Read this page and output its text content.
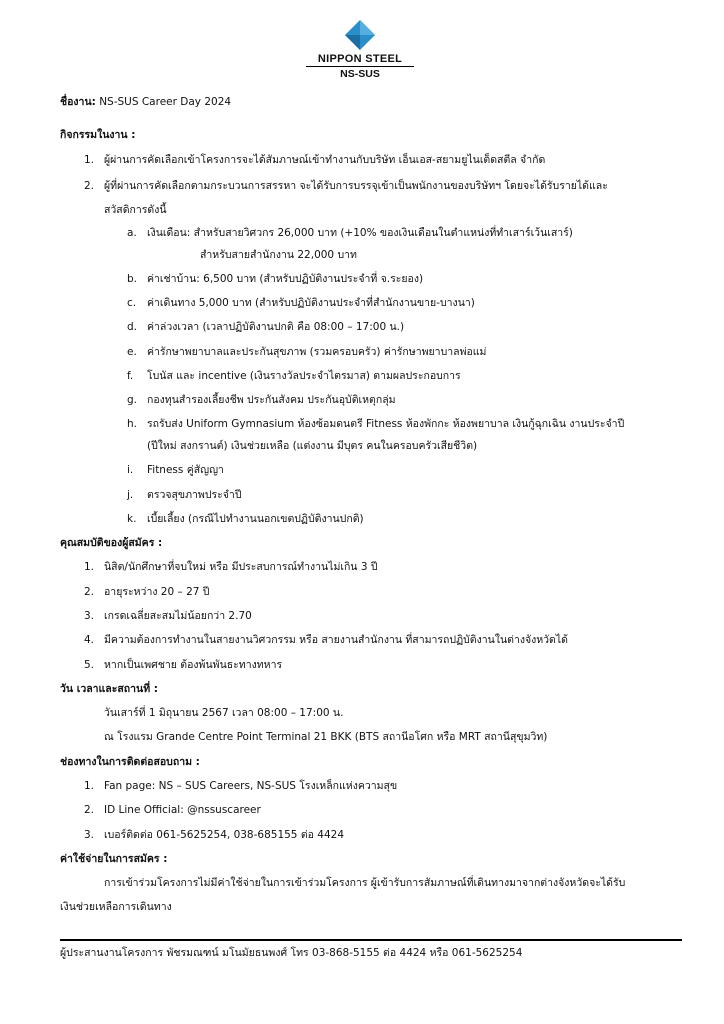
NIPPON STEEL
NS-SUS
ชื่องาน: NS-SUS Career Day 2024
กิจกรรมในงาน :
1. ผู้ผ่านการคัดเลือกเข้าโครงการจะได้สัมภาษณ์เข้าทำงานกับบริษัท เอ็นเอส-สยามยูไนเต็ดสตีล จำกัด
2. ผู้ที่ผ่านการคัดเลือกตามกระบวนการสรรหา จะได้รับการบรรจุเข้าเป็นพนักงานของบริษัทฯ โดยจะได้รับรายได้และ
สวัสดิการดังนี้
a. เงินเดือน: สำหรับสายวิศวกร 26,000 บาท (+10% ของเงินเดือนในตำแหน่งที่ทำเสาร์เว้นเสาร์)
สำหรับสายสำนักงาน 22,000 บาท
b. ค่าเช่าบ้าน: 6,500 บาท (สำหรับปฏิบัติงานประจำที่ จ.ระยอง)
c. ค่าเดินทาง 5,000 บาท (สำหรับปฏิบัติงานประจำที่สำนักงานขาย-บางนา)
d. ค่าล่วงเวลา (เวลาปฏิบัติงานปกติ คือ 08:00 – 17:00 น.)
e. ค่ารักษาพยาบาลและประกันสุขภาพ (รวมครอบครัว) ค่ารักษาพยาบาลพ่อแม่
f. โบนัส และ incentive (เงินรางวัลประจำไตรมาส) ตามผลประกอบการ
g. กองทุนสำรองเลี้ยงชีพ ประกันสังคม ประกันอุบัติเหตุกลุ่ม
h. รถรับส่ง Uniform Gymnasium ห้องซ้อมดนตรี Fitness ห้องพักกะ ห้องพยาบาล เงินกู้ฉุกเฉิน งานประจำปี
(ปีใหม่ สงกรานต์) เงินช่วยเหลือ (แต่งงาน มีบุตร คนในครอบครัวเสียชีวิต)
i. Fitness คู่สัญญา
j. ตรวจสุขภาพประจำปี
k. เบี้ยเลี้ยง (กรณีไปทำงานนอกเขตปฏิบัติงานปกติ)
คุณสมบัติของผู้สมัคร :
1. นิสิต/นักศึกษาที่จบใหม่ หรือ มีประสบการณ์ทำงานไม่เกิน 3 ปี
2. อายุระหว่าง 20 – 27 ปี
3. เกรดเฉลี่ยสะสมไม่น้อยกว่า 2.70
4. มีความต้องการทำงานในสายงานวิศวกรรม หรือ สายงานสำนักงาน ที่สามารถปฏิบัติงานในต่างจังหวัดได้
5. หากเป็นเพศชาย ต้องพ้นพันธะทางทหาร
วัน เวลาและสถานที่ :
วันเสาร์ที่ 1 มิถุนายน 2567 เวลา 08:00 – 17:00 น.
ณ โรงแรม Grande Centre Point Terminal 21 BKK (BTS สถานีอโศก หรือ MRT สถานีสุขุมวิท)
ช่องทางในการติดต่อสอบถาม :
1. Fan page: NS – SUS Careers, NS-SUS โรงเหล็กแห่งความสุข
2. ID Line Official: @nssuscareer
3. เบอร์ติดต่อ 061-5625254, 038-685155 ต่อ 4424
ค่าใช้จ่ายในการสมัคร :
การเข้าร่วมโครงการไม่มีค่าใช้จ่ายในการเข้าร่วมโครงการ ผู้เข้ารับการสัมภาษณ์ที่เดินทางมาจากต่างจังหวัดจะได้รับ
เงินช่วยเหลือการเดินทาง
ผู้ประสานงานโครงการ พัชรมณฑน์ มโนมัยธนพงศ์ โทร 03-868-5155 ต่อ 4424 หรือ 061-5625254
